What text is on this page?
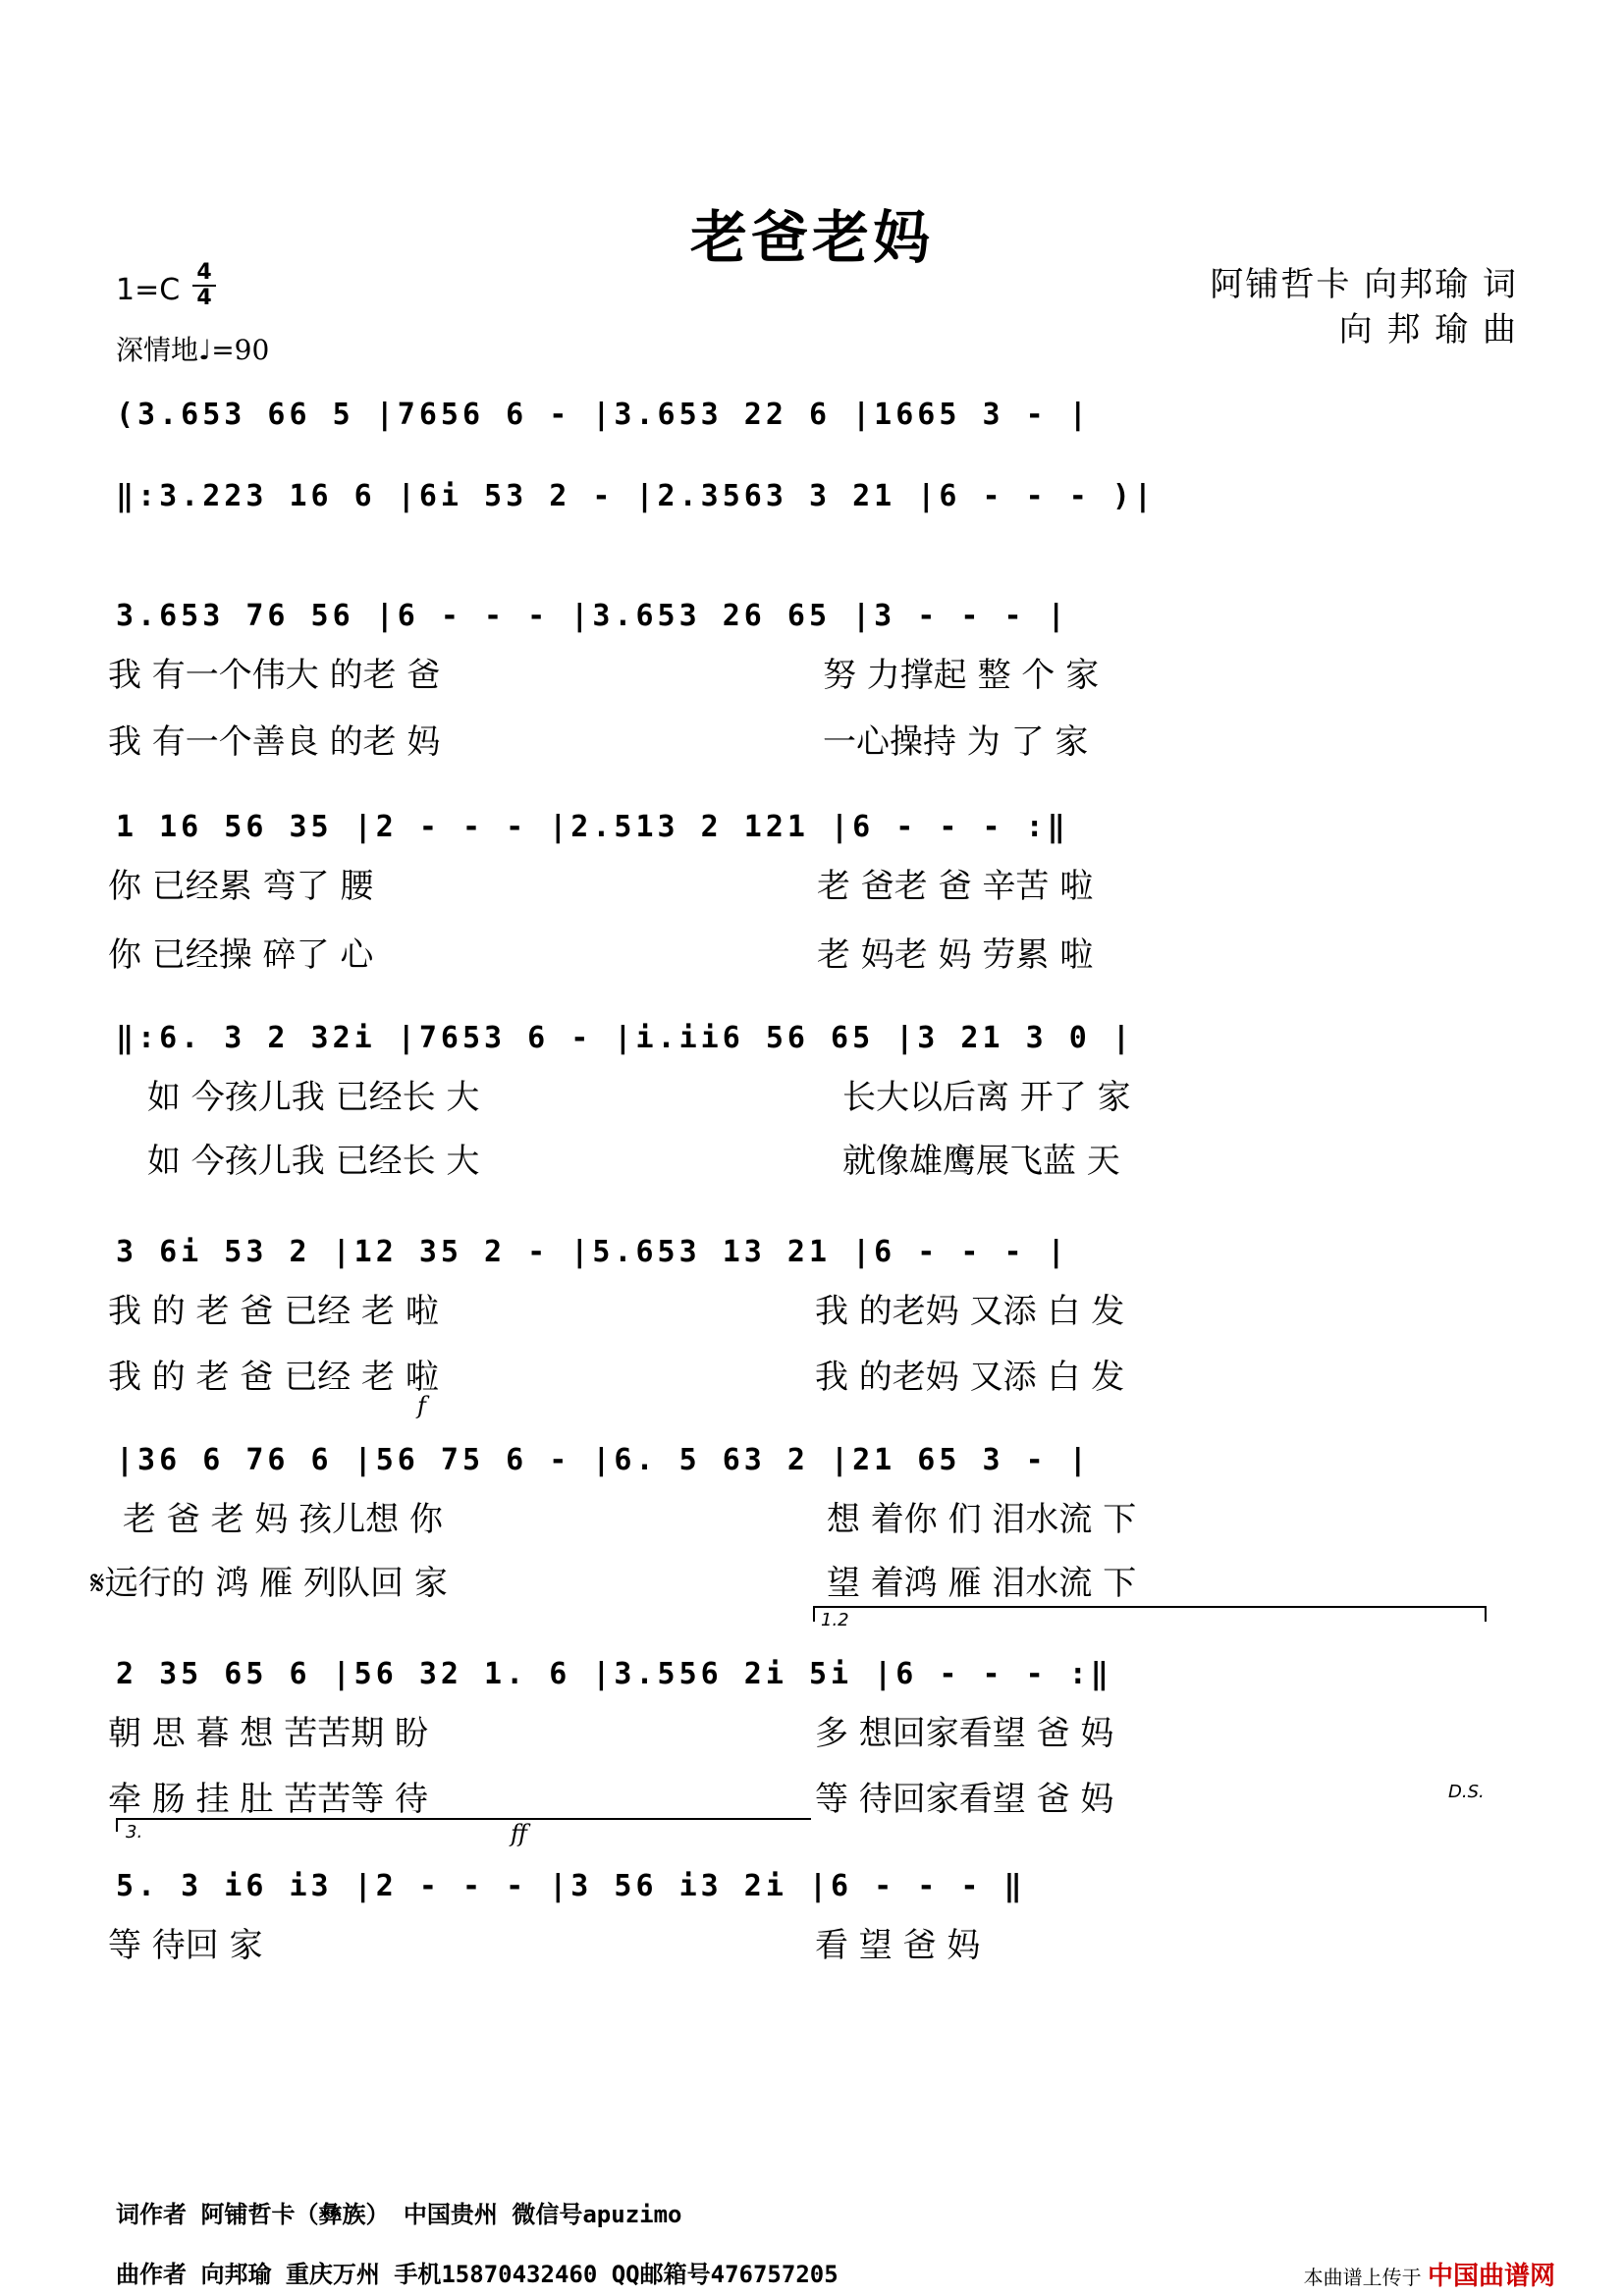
老爸老妈
1=C
4
4
深情地♩=90
阿铺哲卡 向邦瑜 词
向 邦 瑜 曲
(3.653 66 5 |7656 6 - |3.653 22 6 |1665 3 - |
‖:3.223 16 6 |6i 53 2 - |2.3563 3 21 |6 - - - )|
3.653 76 56 |6 - - - |3.653 26 65 |3 - - - |
我 有一个伟大 的老 爸	努 力撑起 整 个 家
我 有一个善良 的老 妈	一心操持 为 了 家
1 16 56 35 |2 - - - |2.513 2 121 |6 - - - :‖
你 已经累 弯了 腰	老 爸老 爸 辛苦 啦
你 已经操 碎了 心	老 妈老 妈 劳累 啦
‖:6. 3 2 32i |7653 6 - |i.ii6 56 65 |3 21 3 0 |
如 今孩儿我 已经长 大	长大以后离 开了 家
如 今孩儿我 已经长 大	就像雄鹰展飞蓝 天
3 6i 53 2 |12 35 2 - |5.653 13 21 |6 - - - |
我 的 老 爸 已经 老 啦	我 的老妈 又添 白 发
我 的 老 爸 已经 老 啦	我 的老妈 又添 白 发
f
|36 6 76 6 |56 75 6 - |6. 5 63 2 |21 65 3 - |
老 爸 老 妈 孩儿想 你	想 着你 们 泪水流 下
𝄋远行的 鸿 雁 列队回 家	望 着鸿 雁 泪水流 下
1.2
2 35 65 6 |56 32 1. 6 |3.556 2i 5i |6 - - - :‖
朝 思 暮 想 苦苦期 盼	多 想回家看望 爸 妈
牵 肠 挂 肚 苦苦等 待	等 待回家看望 爸 妈	D.S.
3.	ff
5. 3 i6 i3 |2 - - - |3 56 i3 2i |6 - - - ‖
等 待回 家	看 望 爸 妈
词作者 阿铺哲卡（彝族） 中国贵州 微信号apuzimo
曲作者 向邦瑜 重庆万州 手机15870432460 QQ邮箱号476757205	本曲谱上传于 中国曲谱网
